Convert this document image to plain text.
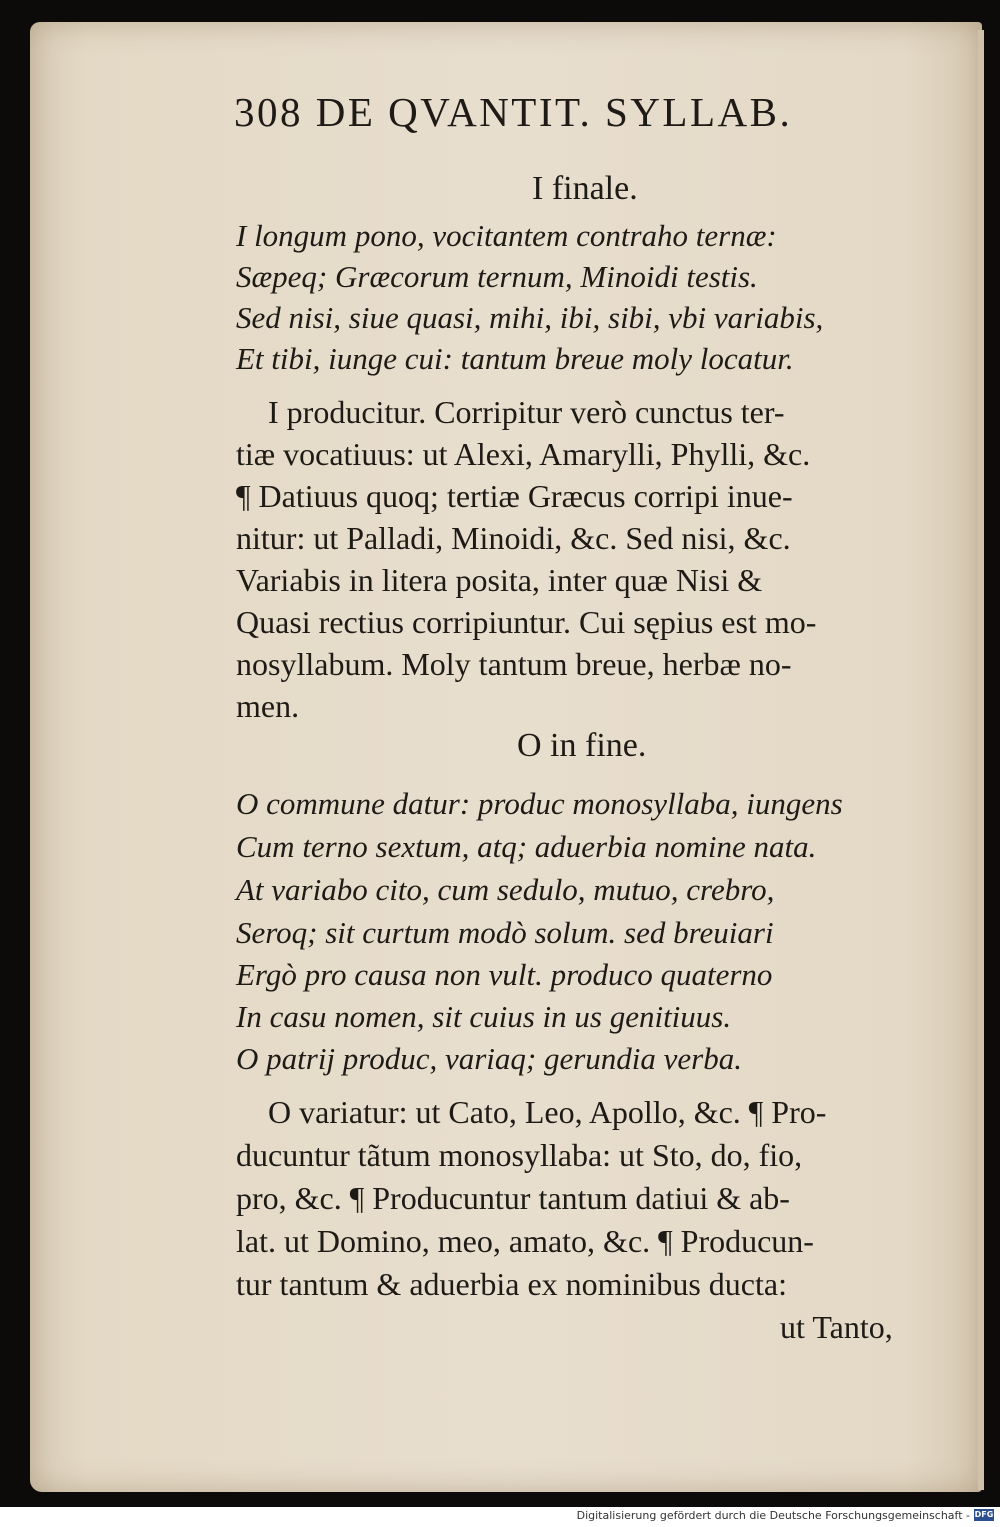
308 DE QVANTIT. SYLLAB.
I finale.
I longum pono, vocitantem contraho ternæ:
Sæpeq; Græcorum ternum, Minoidi testis.
Sed nisi, siue quasi, mihi, ibi, sibi, vbi variabis,
Et tibi, iunge cui: tantum breue moly locatur.
I producitur. Corripitur verò cunctus ter-
tiæ vocatiuus: ut Alexi, Amarylli, Phylli, &c.
¶ Datiuus quoq; tertiæ Græcus corripi inue-
nitur: ut Palladi, Minoidi, &c. Sed nisi, &c.
Variabis in litera posita, inter quæ Nisi &
Quasi rectius corripiuntur. Cui sępius est mo-
nosyllabum. Moly tantum breue, herbæ no-
men.
O in fine.
O commune datur: produc monosyllaba, iungens
Cum terno sextum, atq; aduerbia nomine nata.
At variabo cito, cum sedulo, mutuo, crebro,
Seroq; sit curtum modò solum. sed breuiari
Ergò pro causa non vult. produco quaterno
In casu nomen, sit cuius in us genitiuus.
O patrij produc, variaq; gerundia verba.
O variatur: ut Cato, Leo, Apollo, &c. ¶ Pro-
ducuntur tãtum monosyllaba: ut Sto, do, fio,
pro, &c. ¶ Producuntur tantum datiui & ab-
lat. ut Domino, meo, amato, &c. ¶ Producun-
tur tantum & aduerbia ex nominibus ducta:
ut Tanto,
Digitalisierung gefördert durch die Deutsche Forschungsgemeinschaft - DFG
